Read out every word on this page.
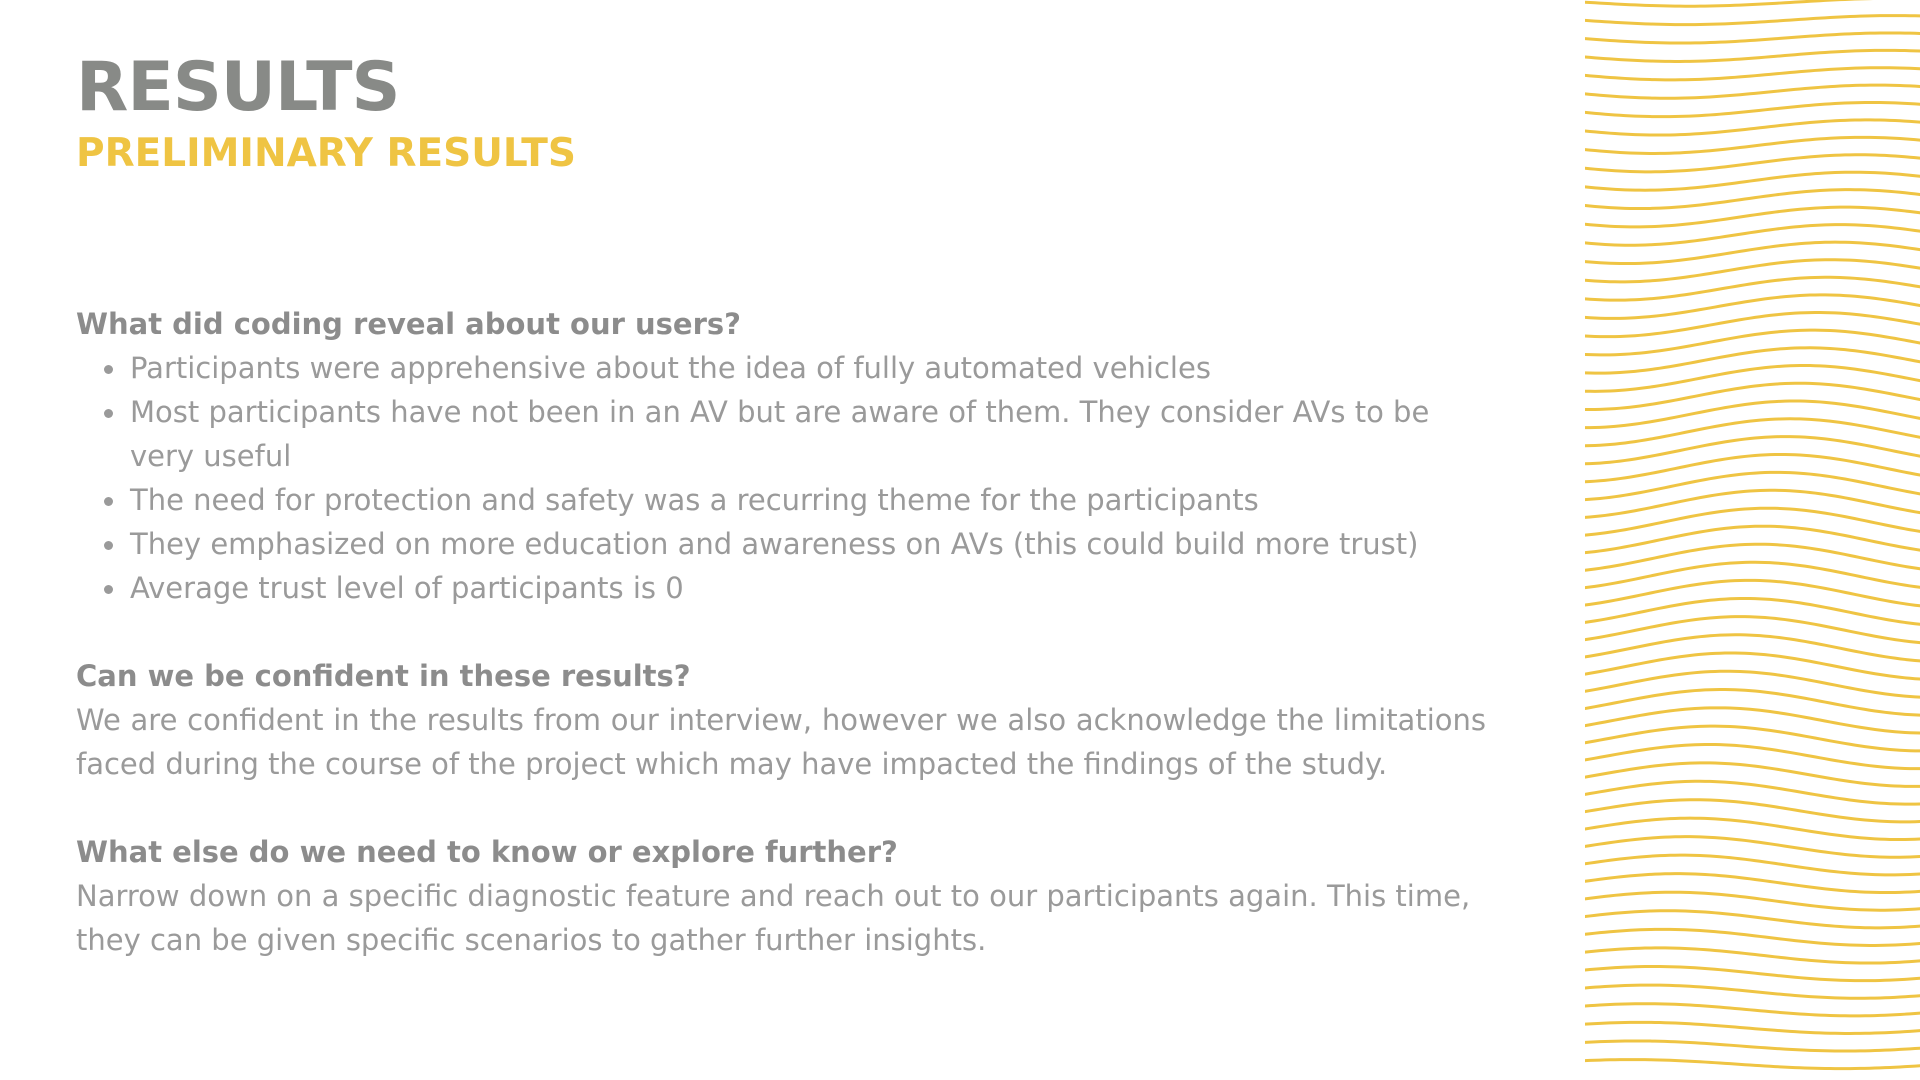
RESULTS
PRELIMINARY RESULTS

What did coding reveal about our users?

Participants were apprehensive about the idea of fully automated vehicles
Most participants have not been in an AV but are aware of them. They consider AVs to be very useful
The need for protection and safety was a recurring theme for the participants
They emphasized on more education and awareness on AVs (this could build more trust)
Average trust level of participants is 0

Can we be confident in these results?

We are confident in the results from our interview, however we also acknowledge the limitations faced during the course of the project which may have impacted the findings of the study.

What else do we need to know or explore further?

Narrow down on a specific diagnostic feature and reach out to our participants again. This time, they can be given specific scenarios to gather further insights.
